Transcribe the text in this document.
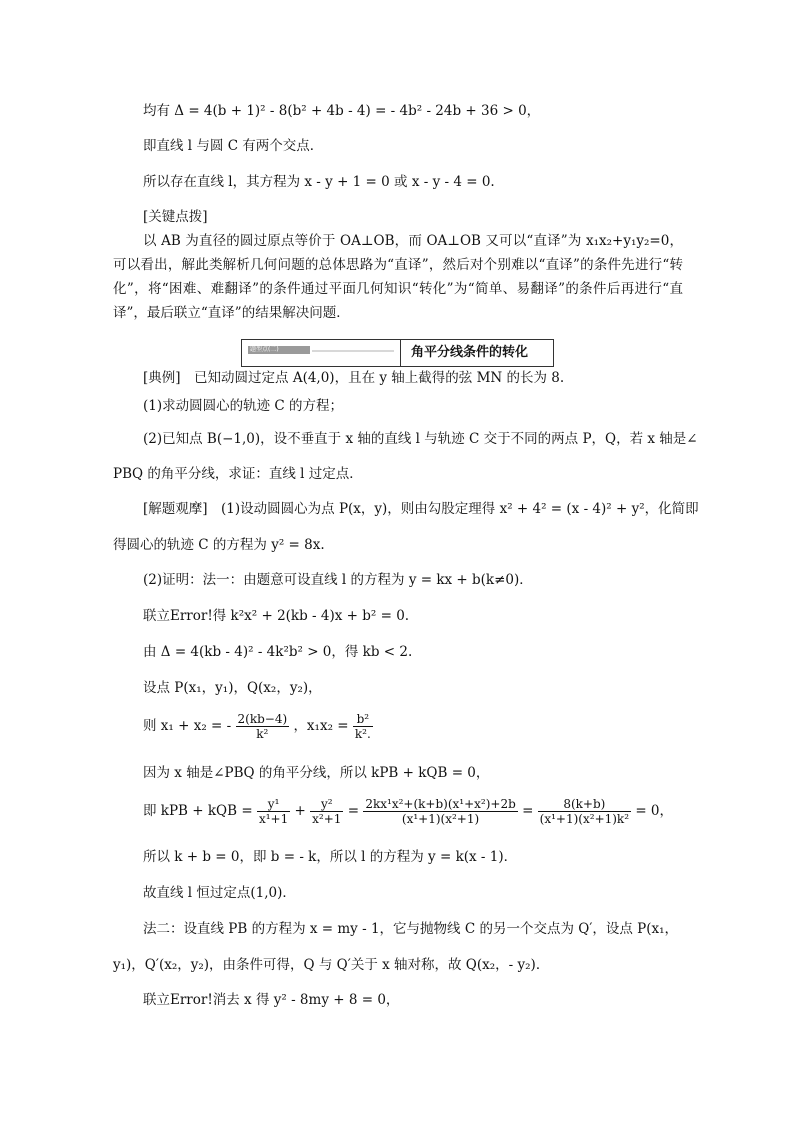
均有 Δ = 4(b + 1)² - 8(b² + 4b - 4) = - 4b² - 24b + 36 > 0，
即直线 l 与圆 C 有两个交点．
所以存在直线 l，其方程为 x - y + 1 = 0 或 x - y - 4 = 0.
[关键点拨]
以 AB 为直径的圆过原点等价于 OA⊥OB，而 OA⊥OB 又可以“直译”为 x₁x₂+y₁y₂=0，可以看出，解此类解析几何问题的总体思路为“直译”，然后对个别难以“直译”的条件先进行“转化”，将“困难、难翻译”的条件通过平面几何知识“转化”为“简单、易翻译”的条件后再进行“直译”，最后联立“直译”的结果解决问题．
题型点(二)	角平分线条件的转化
[典例]　已知动圆过定点 A(4,0)，且在 y 轴上截得的弦 MN 的长为 8.
(1)求动圆圆心的轨迹 C 的方程；
(2)已知点 B(−1,0)，设不垂直于 x 轴的直线 l 与轨迹 C 交于不同的两点 P，Q，若 x 轴是∠
PBQ 的角平分线，求证：直线 l 过定点．
[解题观摩]　(1)设动圆圆心为点 P(x，y)，则由勾股定理得 x² + 4² = (x - 4)² + y²，化简即
得圆心的轨迹 C 的方程为 y² = 8x.
(2)证明：法一：由题意可设直线 l 的方程为 y = kx + b(k≠0)．
联立Error!得 k²x² + 2(kb - 4)x + b² = 0.
由 Δ = 4(kb - 4)² - 4k²b² > 0，得 kb < 2.
设点 P(x₁，y₁)，Q(x₂，y₂)，
则 x₁ + x₂ = - $\frac{2(kb-4)}{\text{k²}}$ ，$x_1x_2 = \frac{\text{b²}}{\text{k².}}$
因为 x 轴是∠PBQ 的角平分线，所以 kPB + kQB = 0，
即 kPB + kQB = $\frac{\text{y¹}}{\text{x¹+1}} + \frac{\text{y²}}{\text{x²+1}} = \frac{\text{2kx¹x²+(k+b)(x¹+x²)+2b}}{\text{(x¹+1)(x²+1)}} = \frac{8(k+b)}{\text{(x¹+1)(x²+1)k²}} = 0$，
所以 k + b = 0，即 b = - k，所以 l 的方程为 y = k(x - 1)．
故直线 l 恒过定点(1,0)．
法二：设直线 PB 的方程为 x = my - 1，它与抛物线 C 的另一个交点为 Q′，设点 P(x₁，
y₁)，Q′(x₂，y₂)，由条件可得，Q 与 Q′关于 x 轴对称，故 Q(x₂，- y₂)．
联立Error!消去 x 得 y² - 8my + 8 = 0，
